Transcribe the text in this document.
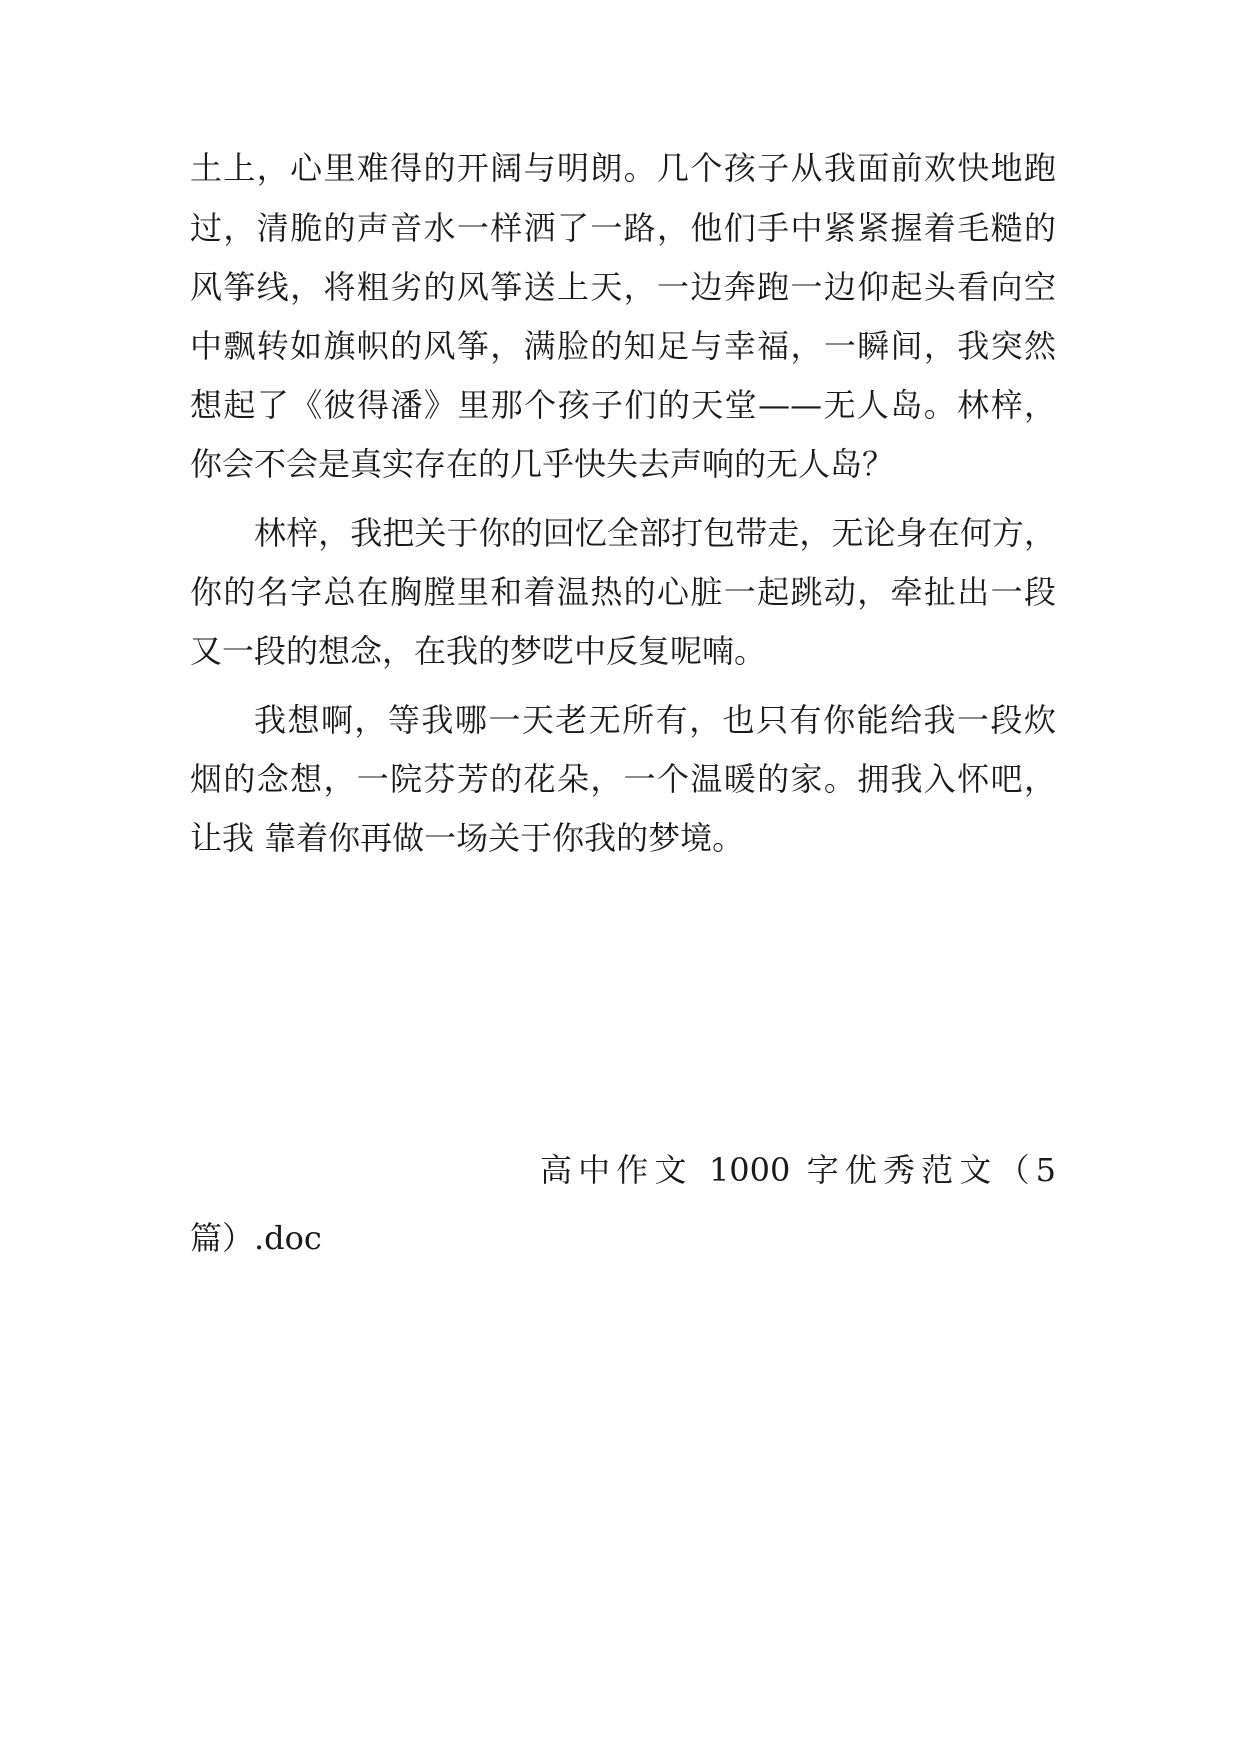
土上，心里难得的开阔与明朗。几个孩子从我面前欢快地跑
过，清脆的声音水一样洒了一路，他们手中紧紧握着毛糙的
风筝线，将粗劣的风筝送上天，一边奔跑一边仰起头看向空
中飘转如旗帜的风筝，满脸的知足与幸福，一瞬间，我突然
想起了《彼得潘》里那个孩子们的天堂——无人岛。林梓，
你会不会是真实存在的几乎快失去声响的无人岛？
林梓，我把关于你的回忆全部打包带走，无论身在何方，
你的名字总在胸膛里和着温热的心脏一起跳动，牵扯出一段
又一段的想念，在我的梦呓中反复呢喃。
我想啊，等我哪一天老无所有，也只有你能给我一段炊
烟的念想，一院芬芳的花朵，一个温暖的家。拥我入怀吧，
让我 靠着你再做一场关于你我的梦境。
高中作文 1000 字优秀范文（5
篇）.doc
